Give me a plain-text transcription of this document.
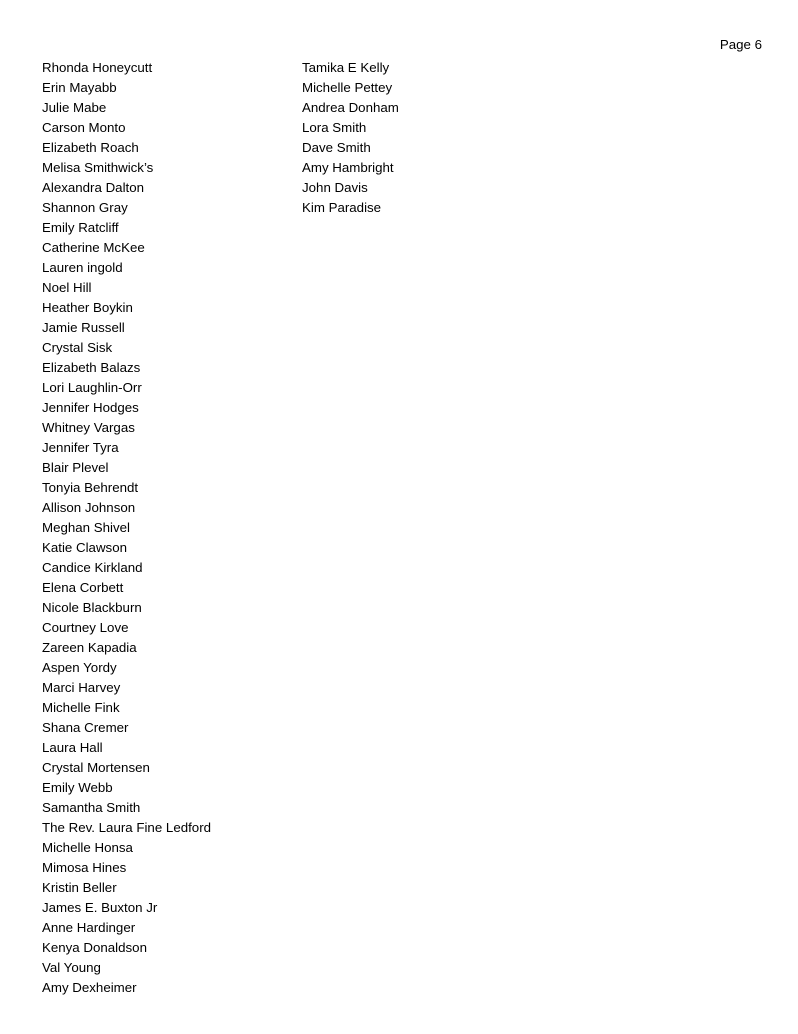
Page 6
Rhonda Honeycutt
Erin Mayabb
Julie Mabe
Carson Monto
Elizabeth Roach
Melisa Smithwick’s
Alexandra Dalton
Shannon Gray
Emily Ratcliff
Catherine McKee
Lauren ingold
Noel Hill
Heather Boykin
Jamie Russell
Crystal Sisk
Elizabeth Balazs
Lori Laughlin-Orr
Jennifer Hodges
Whitney Vargas
Jennifer Tyra
Blair Plevel
Tonyia Behrendt
Allison Johnson
Meghan Shivel
Katie Clawson
Candice Kirkland
Elena Corbett
Nicole Blackburn
Courtney Love
Zareen Kapadia
Aspen Yordy
Marci Harvey
Michelle Fink
Shana Cremer
Laura Hall
Crystal Mortensen
Emily Webb
Samantha Smith
The Rev. Laura Fine Ledford
Michelle Honsa
Mimosa Hines
Kristin Beller
James E. Buxton Jr
Anne Hardinger
Kenya Donaldson
Val Young
Amy Dexheimer
Tamika E Kelly
Michelle Pettey
Andrea Donham
Lora Smith
Dave Smith
Amy Hambright
John Davis
Kim Paradise
